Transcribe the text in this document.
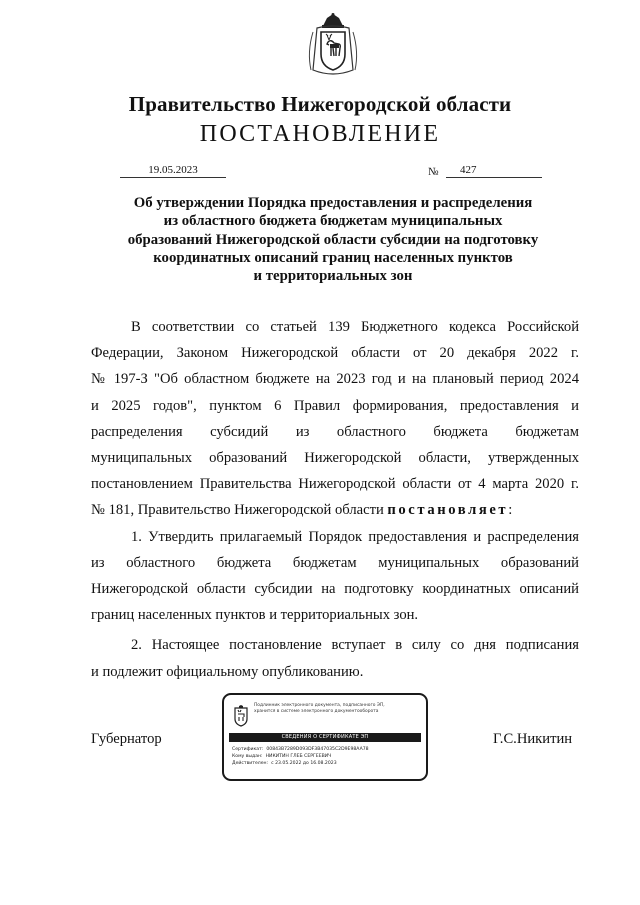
Правительство Нижегородской области
ПОСТАНОВЛЕНИЕ
19.05.2023	№	427
Об утверждении Порядка предоставления и распределения
из областного бюджета бюджетам муниципальных
образований Нижегородской области субсидии на подготовку
координатных описаний границ населенных пунктов
и территориальных зон
В соответствии со статьей 139 Бюджетного кодекса Российской
Федерации, Законом Нижегородской области от 20 декабря 2022 г.
№ 197-З "Об областном бюджете на 2023 год и на плановый период 2024
и 2025 годов", пунктом 6 Правил формирования, предоставления и
распределения субсидий из областного бюджета бюджетам
муниципальных образований Нижегородской области, утвержденных
постановлением Правительства Нижегородской области от 4 марта 2020 г.
№ 181, Правительство Нижегородской области постановляет:
1. Утвердить прилагаемый Порядок предоставления и распределения
из областного бюджета бюджетам муниципальных образований
Нижегородской области субсидии на подготовку координатных описаний
границ населенных пунктов и территориальных зон.
2. Настоящее постановление вступает в силу со дня подписания
и подлежит официальному опубликованию.
Губернатор	Г.С.Никитин
Подлинник электронного документа, подписанного ЭП,
хранится в системе электронного документооборота
СВЕДЕНИЯ О СЕРТИФИКАТЕ ЭП
Сертификат: 00843B7289D093DF3B47035C2D9E98AA78
Кому выдан: НИКИТИН ГЛЕБ СЕРГЕЕВИЧ
Действителен: с 23.05.2022 до 16.08.2023
